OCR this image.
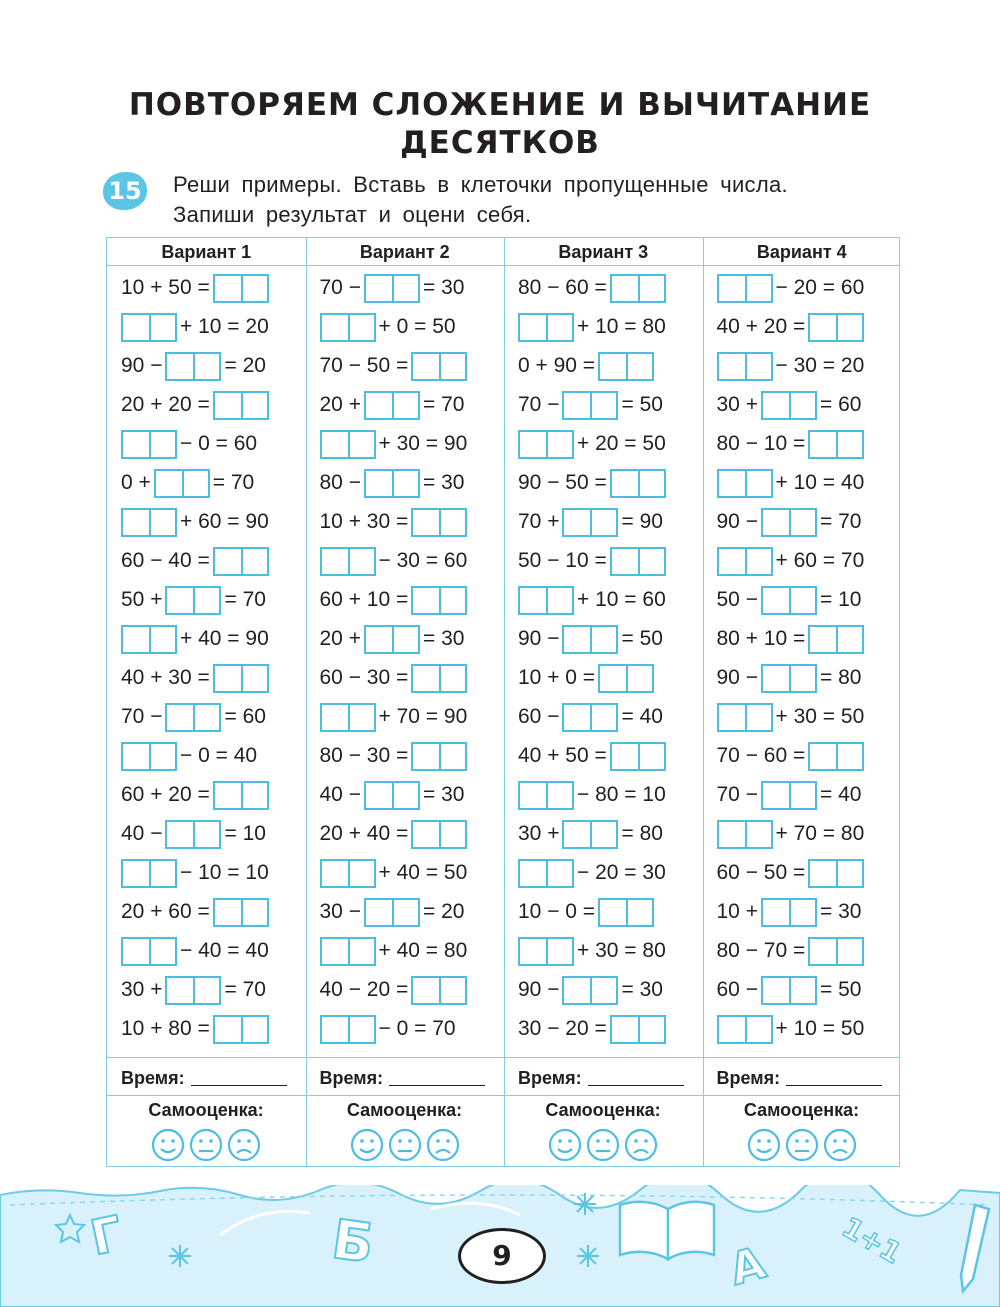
ПОВТОРЯЕМ СЛОЖЕНИЕ И ВЫЧИТАНИЕ
ДЕСЯТКОВ
15 Реши примеры. Вставь в клеточки пропущенные числа.
Запиши результат и оцени себя.
Вариант 1
10 + 50 =
+ 10 = 20
90 −	= 20
20 + 20 =
− 0 = 60
0 +	= 70
+ 60 = 90
60 − 40 =
50 +	= 70
+ 40 = 90
40 + 30 =
70 −	= 60
− 0 = 40
60 + 20 =
40 −	= 10
− 10 = 10
20 + 60 =
− 40 = 40
30 +	= 70
10 + 80 =
Время:
Самооценка:
Вариант 2
70 −	= 30
+ 0 = 50
70 − 50 =
20 +	= 70
+ 30 = 90
80 −	= 30
10 + 30 =
− 30 = 60
60 + 10 =
20 +	= 30
60 − 30 =
+ 70 = 90
80 − 30 =
40 −	= 30
20 + 40 =
+ 40 = 50
30 −	= 20
+ 40 = 80
40 − 20 =
− 0 = 70
Время:
Самооценка:
Вариант 3
80 − 60 =
+ 10 = 80
0 + 90 =
70 −	= 50
+ 20 = 50
90 − 50 =
70 +	= 90
50 − 10 =
+ 10 = 60
90 −	= 50
10 + 0 =
60 −	= 40
40 + 50 =
− 80 = 10
30 +	= 80
− 20 = 30
10 − 0 =
+ 30 = 80
90 −	= 30
30 − 20 =
Время:
Самооценка:
Вариант 4
− 20 = 60
40 + 20 =
− 30 = 20
30 +	= 60
80 − 10 =
+ 10 = 40
90 −	= 70
+ 60 = 70
50 −	= 10
80 + 10 =
90 −	= 80
+ 30 = 50
70 − 60 =
70 −	= 40
+ 70 = 80
60 − 50 =
10 +	= 30
80 − 70 =
60 −	= 50
+ 10 = 50
Время:
Самооценка:
Г	Б	А 1+1
9
